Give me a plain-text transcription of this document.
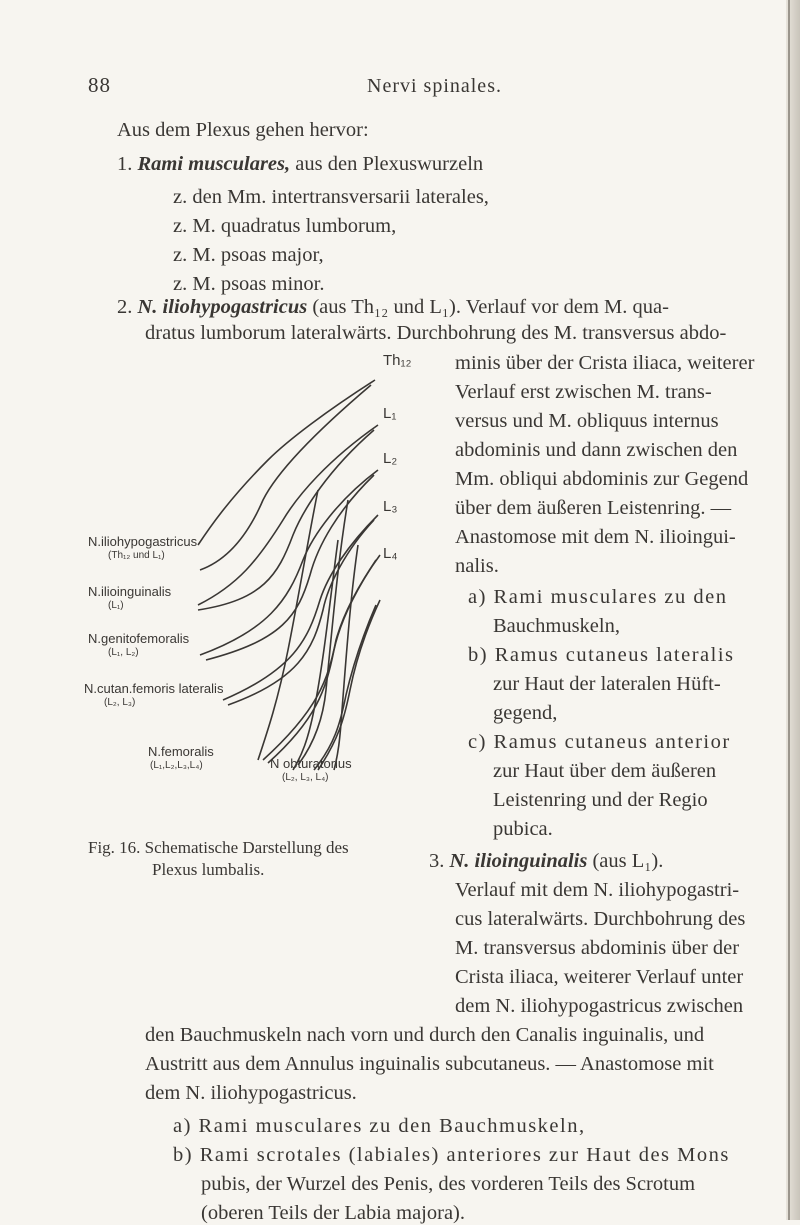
88	Nervi spinales.
Aus dem Plexus gehen hervor:
1. Rami musculares, aus den Plexuswurzeln
z. den Mm. intertransversarii laterales,
z. M. quadratus lumborum,
z. M. psoas major,
z. M. psoas minor.
2. N. iliohypogastricus (aus Th₁₂ und L₁). Verlauf vor dem M. qua-
dratus lumborum lateralwärts. Durchbohrung des M. transversus abdo-
minis über der Crista iliaca, weiterer
Verlauf erst zwischen M. trans-
versus und M. obliquus internus
abdominis und dann zwischen den
Mm. obliqui abdominis zur Gegend
über dem äußeren Leistenring. —
Anastomose mit dem N. ilioingui-
nalis.
a) Rami musculares zu den
Bauchmuskeln,
b) Ramus cutaneus lateralis
zur Haut der lateralen Hüft-
gegend,
c) Ramus cutaneus anterior
zur Haut über dem äußeren
Leistenring und der Regio
pubica.
3. N. ilioinguinalis (aus L₁).
Verlauf mit dem N. iliohypogastri-
cus lateralwärts. Durchbohrung des
M. transversus abdominis über der
Crista iliaca, weiterer Verlauf unter
dem N. iliohypogastricus zwischen
den Bauchmuskeln nach vorn und durch den Canalis inguinalis, und
Austritt aus dem Annulus inguinalis subcutaneus. — Anastomose mit
dem N. iliohypogastricus.
a) Rami musculares zu den Bauchmuskeln,
b) Rami scrotales (labiales) anteriores zur Haut des Mons
pubis, der Wurzel des Penis, des vorderen Teils des Scrotum
(oberen Teils der Labia majora).
Th₁₂
L₁
L₂
L₃
L₄
N.iliohypogastricus
(Th₁₂ und L₁)
N.ilioinguinalis
(L₁)
N.genitofemoralis
(L₁, L₂)
N.cutan.femoris lateralis
(L₂, L₃)
N.femoralis
(L₁,L₂,L₃,L₄)	N obturatorius
(L₂, L₃, L₄)
Fig. 16. Schematische Darstellung des
Plexus lumbalis.
